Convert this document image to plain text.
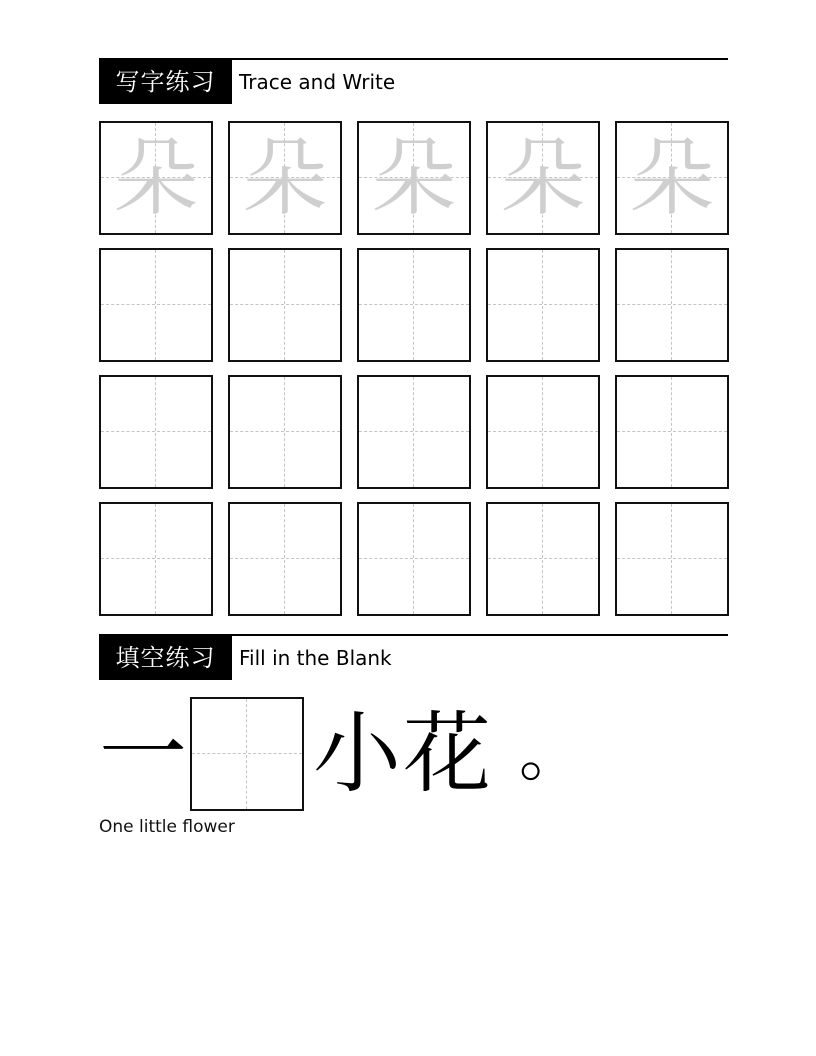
写字练习	Trace and Write
朵 朵 朵 朵 朵
填空练习	Fill in the Blank
一 小 花 。
One little flower
